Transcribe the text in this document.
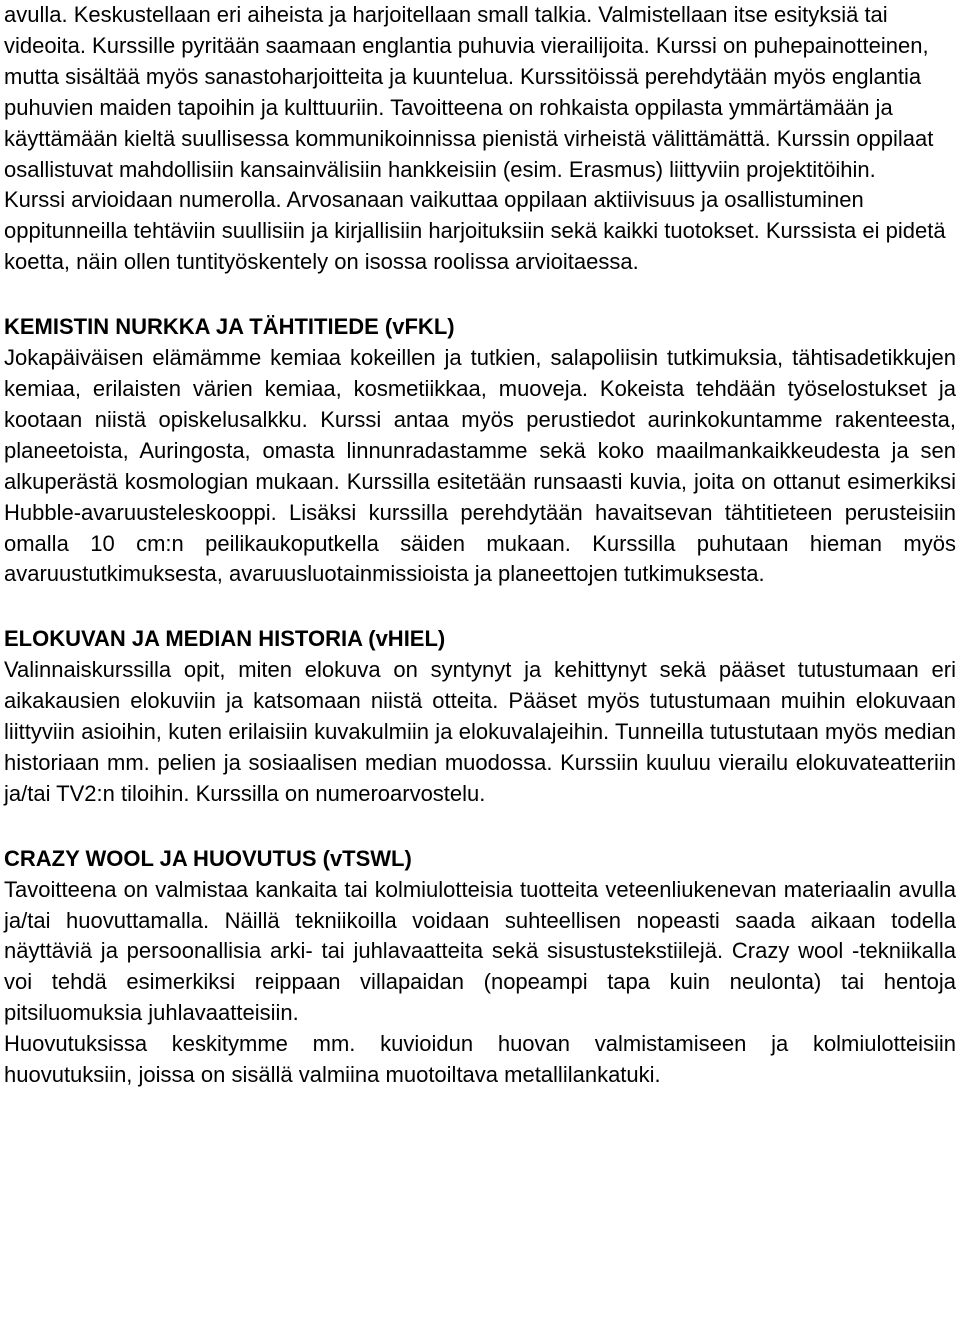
avulla. Keskustellaan eri aiheista ja harjoitellaan small talkia. Valmistellaan itse esityksiä tai videoita. Kurssille pyritään saamaan englantia puhuvia vierailijoita. Kurssi on puhepainotteinen, mutta sisältää myös sanastoharjoitteita ja kuuntelua. Kurssitöissä perehdytään myös englantia puhuvien maiden tapoihin ja kulttuuriin. Tavoitteena on rohkaista oppilasta ymmärtämään ja käyttämään kieltä suullisessa kommunikoinnissa pienistä virheistä välittämättä. Kurssin oppilaat osallistuvat mahdollisiin kansainvälisiin hankkeisiin (esim. Erasmus) liittyviin projektitöihin.

Kurssi arvioidaan numerolla. Arvosanaan vaikuttaa oppilaan aktiivisuus ja osallistuminen oppitunneilla tehtäviin suullisiin ja kirjallisiin harjoituksiin sekä kaikki tuotokset. Kurssista ei pidetä koetta, näin ollen tuntityöskentely on isossa roolissa arvioitaessa.

KEMISTIN NURKKA JA TÄHTITIEDE (vFKL)

Jokapäiväisen elämämme kemiaa kokeillen ja tutkien, salapoliisin tutkimuksia, tähtisadetikkujen kemiaa, erilaisten värien kemiaa, kosmetiikkaa, muoveja. Kokeista tehdään työselostukset ja kootaan niistä opiskelusalkku. Kurssi antaa myös perustiedot aurinkokuntamme rakenteesta, planeetoista, Auringosta, omasta linnunradastamme sekä koko maailmankaikkeudesta ja sen alkuperästä kosmologian mukaan. Kurssilla esitetään runsaasti kuvia, joita on ottanut esimerkiksi Hubble-avaruusteleskooppi. Lisäksi kurssilla perehdytään havaitsevan tähtitieteen perusteisiin omalla 10 cm:n peilikaukoputkella säiden mukaan. Kurssilla puhutaan hieman myös avaruustutkimuksesta, avaruusluotainmissioista ja planeettojen tutkimuksesta.

ELOKUVAN JA MEDIAN HISTORIA (vHIEL)

Valinnaiskurssilla opit, miten elokuva on syntynyt ja kehittynyt sekä pääset tutustumaan eri aikakausien elokuviin ja katsomaan niistä otteita. Pääset myös tutustumaan muihin elokuvaan liittyviin asioihin, kuten erilaisiin kuvakulmiin ja elokuvalajeihin. Tunneilla tutustutaan myös median historiaan mm. pelien ja sosiaalisen median muodossa. Kurssiin kuuluu vierailu elokuvateatteriin ja/tai TV2:n tiloihin. Kurssilla on numeroarvostelu.

CRAZY WOOL JA HUOVUTUS (vTSWL)

Tavoitteena on valmistaa kankaita tai kolmiulotteisia tuotteita veteenliukenevan materiaalin avulla ja/tai huovuttamalla. Näillä tekniikoilla voidaan suhteellisen nopeasti saada aikaan todella näyttäviä ja persoonallisia arki- tai juhlavaatteita sekä sisustustekstiilejä. Crazy wool -tekniikalla voi tehdä esimerkiksi reippaan villapaidan (nopeampi tapa kuin neulonta) tai hentoja pitsiluomuksia juhlavaatteisiin.

Huovutuksissa keskitymme mm. kuvioidun huovan valmistamiseen ja kolmiulotteisiin huovutuksiin, joissa on sisällä valmiina muotoiltava metallilankatuki.
